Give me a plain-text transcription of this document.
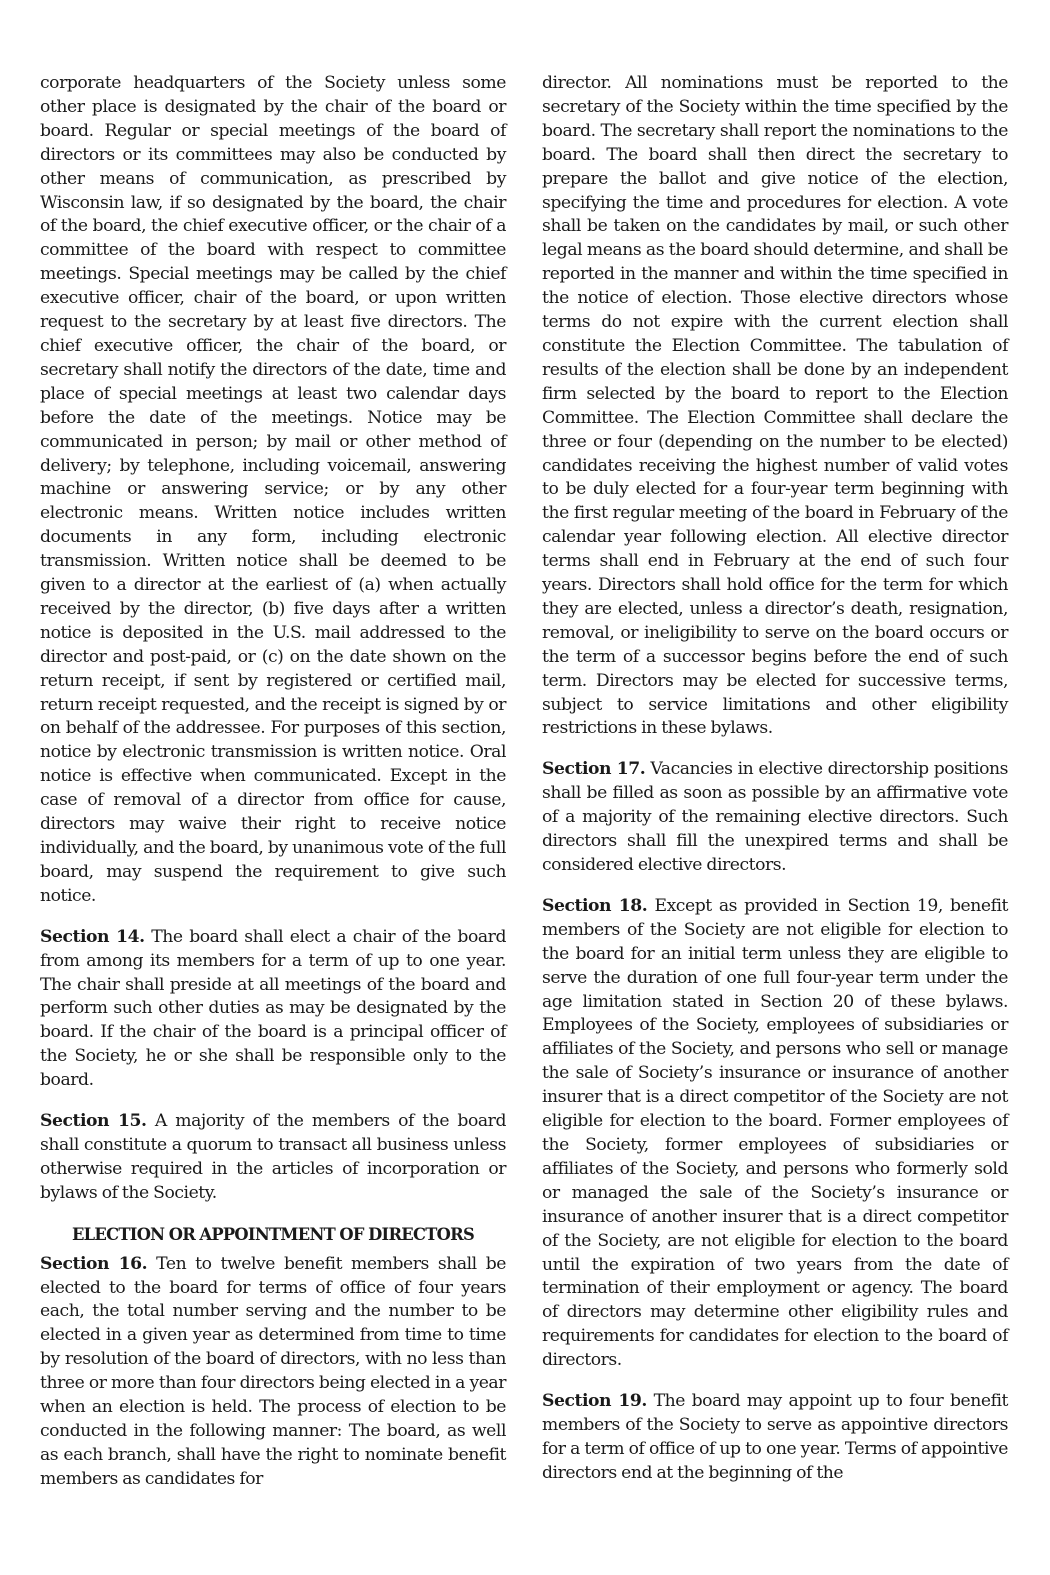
corporate headquarters of the Society unless some other place is designated by the chair of the board or board. Regular or special meetings of the board of directors or its committees may also be conducted by other means of communication, as prescribed by Wisconsin law, if so designated by the board, the chair of the board, the chief executive officer, or the chair of a committee of the board with respect to committee meetings. Special meetings may be called by the chief executive officer, chair of the board, or upon written request to the secretary by at least five directors. The chief executive officer, the chair of the board, or secretary shall notify the directors of the date, time and place of special meetings at least two calendar days before the date of the meetings. Notice may be communicated in person; by mail or other method of delivery; by telephone, including voicemail, answering machine or answering service; or by any other electronic means. Written notice includes written documents in any form, including electronic transmission. Written notice shall be deemed to be given to a director at the earliest of (a) when actually received by the director, (b) five days after a written notice is deposited in the U.S. mail addressed to the director and post-paid, or (c) on the date shown on the return receipt, if sent by registered or certified mail, return receipt requested, and the receipt is signed by or on behalf of the addressee. For purposes of this section, notice by electronic transmission is written notice. Oral notice is effective when communicated. Except in the case of removal of a director from office for cause, directors may waive their right to receive notice individually, and the board, by unanimous vote of the full board, may suspend the requirement to give such notice.

Section 14. The board shall elect a chair of the board from among its members for a term of up to one year. The chair shall preside at all meetings of the board and perform such other duties as may be designated by the board. If the chair of the board is a principal officer of the Society, he or she shall be responsible only to the board.

Section 15. A majority of the members of the board shall constitute a quorum to transact all business unless otherwise required in the articles of incorporation or bylaws of the Society.

ELECTION OR APPOINTMENT OF DIRECTORS

Section 16. Ten to twelve benefit members shall be elected to the board for terms of office of four years each, the total number serving and the number to be elected in a given year as determined from time to time by resolution of the board of directors, with no less than three or more than four directors being elected in a year when an election is held. The process of election to be conducted in the following manner: The board, as well as each branch, shall have the right to nominate benefit members as candidates for

director. All nominations must be reported to the secretary of the Society within the time specified by the board. The secretary shall report the nominations to the board. The board shall then direct the secretary to prepare the ballot and give notice of the election, specifying the time and procedures for election. A vote shall be taken on the candidates by mail, or such other legal means as the board should determine, and shall be reported in the manner and within the time specified in the notice of election. Those elective directors whose terms do not expire with the current election shall constitute the Election Committee. The tabulation of results of the election shall be done by an independent firm selected by the board to report to the Election Committee. The Election Committee shall declare the three or four (depending on the number to be elected) candidates receiving the highest number of valid votes to be duly elected for a four-year term beginning with the first regular meeting of the board in February of the calendar year following election. All elective director terms shall end in February at the end of such four years. Directors shall hold office for the term for which they are elected, unless a director’s death, resignation, removal, or ineligibility to serve on the board occurs or the term of a successor begins before the end of such term. Directors may be elected for successive terms, subject to service limitations and other eligibility restrictions in these bylaws.

Section 17. Vacancies in elective directorship positions shall be filled as soon as possible by an affirmative vote of a majority of the remaining elective directors. Such directors shall fill the unexpired terms and shall be considered elective directors.

Section 18. Except as provided in Section 19, benefit members of the Society are not eligible for election to the board for an initial term unless they are eligible to serve the duration of one full four-year term under the age limitation stated in Section 20 of these bylaws. Employees of the Society, employees of subsidiaries or affiliates of the Society, and persons who sell or manage the sale of Society’s insurance or insurance of another insurer that is a direct competitor of the Society are not eligible for election to the board. Former employees of the Society, former employees of subsidiaries or affiliates of the Society, and persons who formerly sold or managed the sale of the Society’s insurance or insurance of another insurer that is a direct competitor of the Society, are not eligible for election to the board until the expiration of two years from the date of termination of their employment or agency. The board of directors may determine other eligibility rules and requirements for candidates for election to the board of directors.

Section 19. The board may appoint up to four benefit members of the Society to serve as appointive directors for a term of office of up to one year. Terms of appointive directors end at the beginning of the
